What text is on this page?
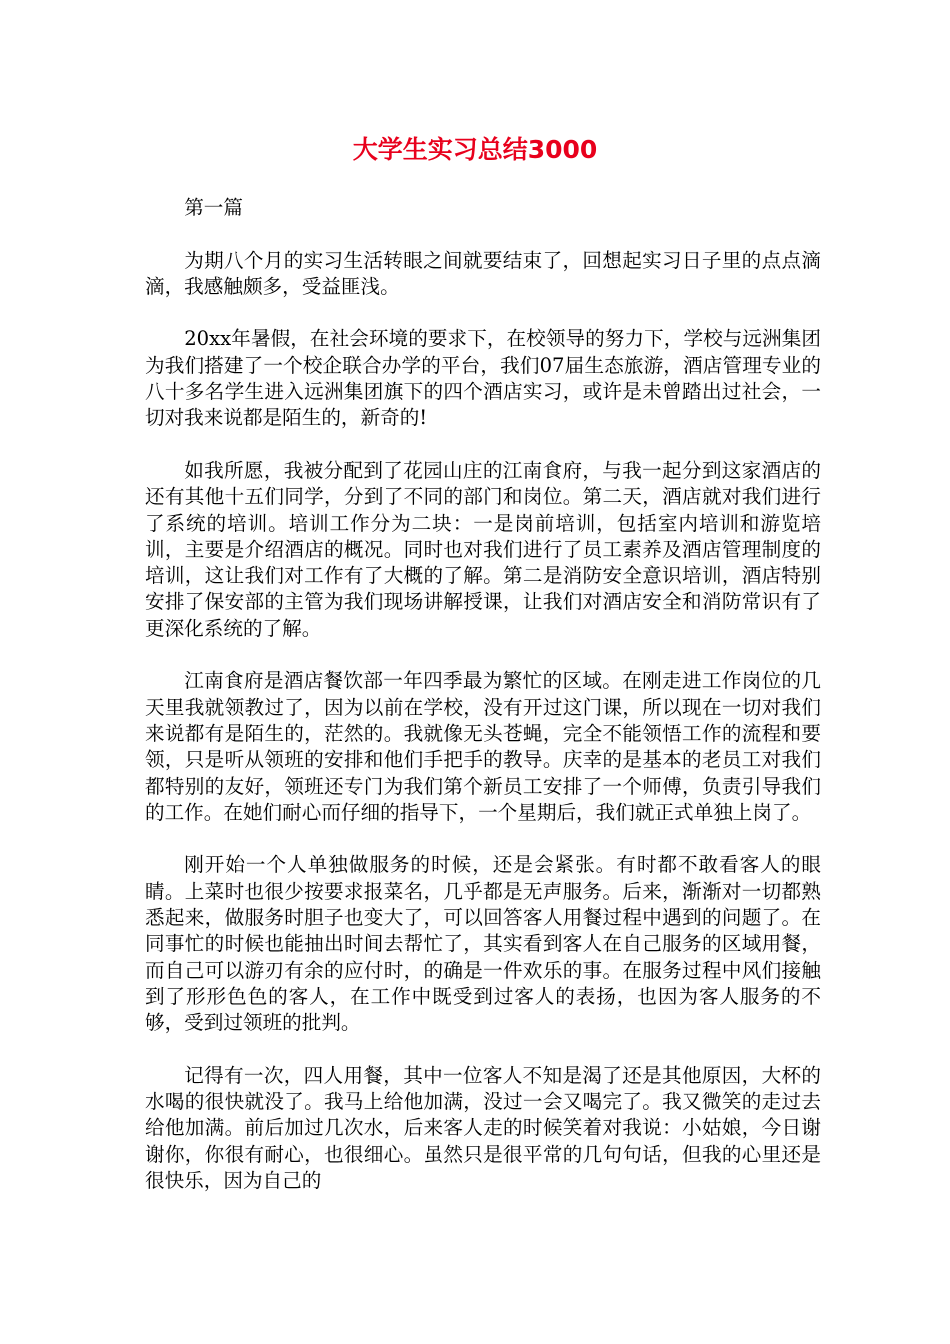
大学生实习总结3000

第一篇

为期八个月的实习生活转眼之间就要结束了，回想起实习日子里的点点滴滴，我感触颇多，受益匪浅。

20xx年暑假，在社会环境的要求下，在校领导的努力下，学校与远洲集团为我们搭建了一个校企联合办学的平台，我们07届生态旅游，酒店管理专业的八十多名学生进入远洲集团旗下的四个酒店实习，或许是未曾踏出过社会，一切对我来说都是陌生的，新奇的!

如我所愿，我被分配到了花园山庄的江南食府，与我一起分到这家酒店的还有其他十五们同学，分到了不同的部门和岗位。第二天，酒店就对我们进行了系统的培训。培训工作分为二块：一是岗前培训，包括室内培训和游览培训，主要是介绍酒店的概况。同时也对我们进行了员工素养及酒店管理制度的培训，这让我们对工作有了大概的了解。第二是消防安全意识培训，酒店特别安排了保安部的主管为我们现场讲解授课，让我们对酒店安全和消防常识有了更深化系统的了解。

江南食府是酒店餐饮部一年四季最为繁忙的区域。在刚走进工作岗位的几天里我就领教过了，因为以前在学校，没有开过这门课，所以现在一切对我们来说都有是陌生的，茫然的。我就像无头苍蝇，完全不能领悟工作的流程和要领，只是听从领班的安排和他们手把手的教导。庆幸的是基本的老员工对我们都特别的友好，领班还专门为我们第个新员工安排了一个师傅，负责引导我们的工作。在她们耐心而仔细的指导下，一个星期后，我们就正式单独上岗了。

刚开始一个人单独做服务的时候，还是会紧张。有时都不敢看客人的眼睛。上菜时也很少按要求报菜名，几乎都是无声服务。后来，渐渐对一切都熟悉起来，做服务时胆子也变大了，可以回答客人用餐过程中遇到的问题了。在同事忙的时候也能抽出时间去帮忙了，其实看到客人在自己服务的区域用餐，而自己可以游刃有余的应付时，的确是一件欢乐的事。在服务过程中风们接触到了形形色色的客人，在工作中既受到过客人的表扬，也因为客人服务的不够，受到过领班的批判。

记得有一次，四人用餐，其中一位客人不知是渴了还是其他原因，大杯的水喝的很快就没了。我马上给他加满，没过一会又喝完了。我又微笑的走过去给他加满。前后加过几次水，后来客人走的时候笑着对我说：小姑娘，今日谢谢你，你很有耐心，也很细心。虽然只是很平常的几句句话，但我的心里还是很快乐，因为自己的
